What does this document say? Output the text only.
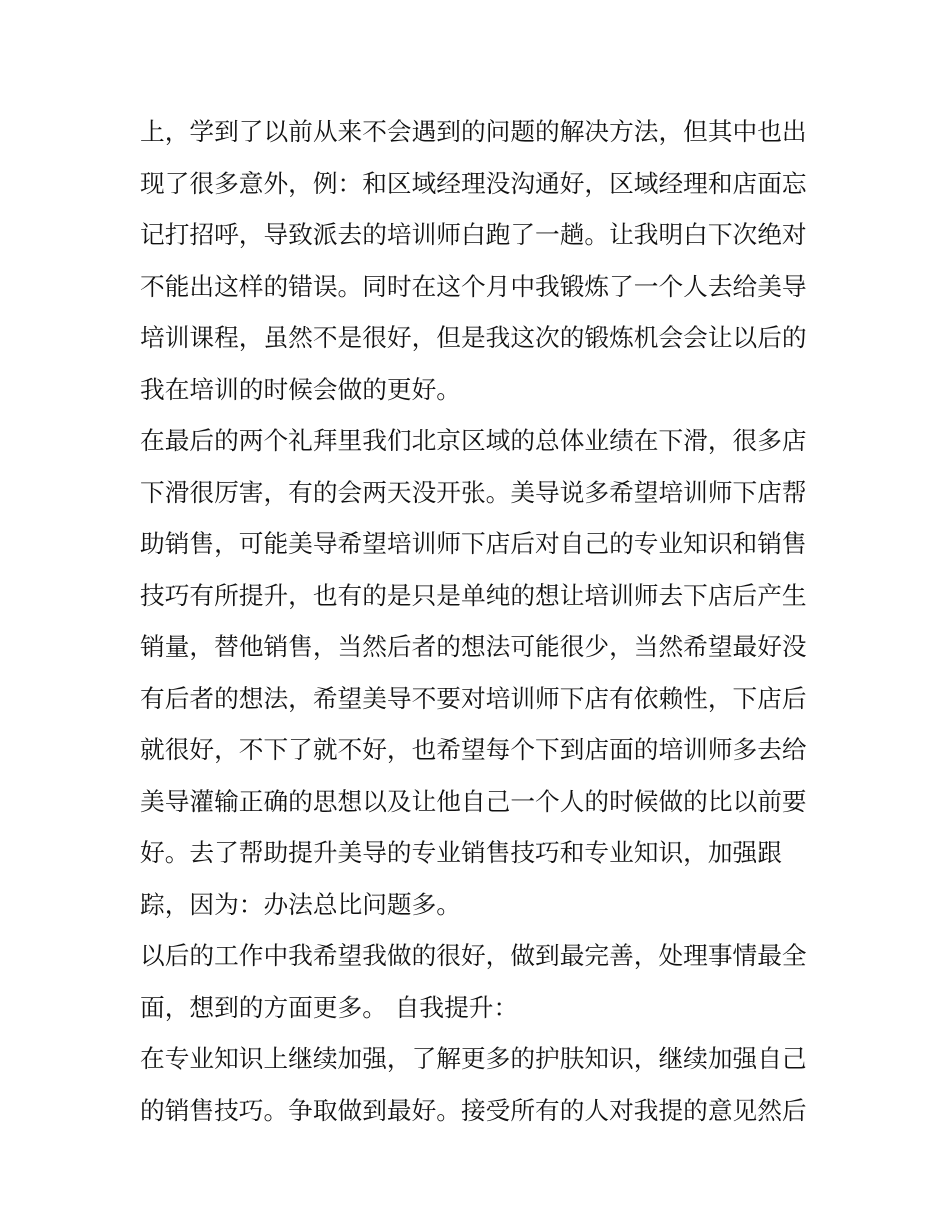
上，学到了以前从来不会遇到的问题的解决方法，但其中也出
现了很多意外，例：和区域经理没沟通好，区域经理和店面忘
记打招呼，导致派去的培训师白跑了一趟。让我明白下次绝对
不能出这样的错误。同时在这个月中我锻炼了一个人去给美导
培训课程，虽然不是很好，但是我这次的锻炼机会会让以后的
我在培训的时候会做的更好。
在最后的两个礼拜里我们北京区域的总体业绩在下滑，很多店
下滑很厉害，有的会两天没开张。美导说多希望培训师下店帮
助销售，可能美导希望培训师下店后对自己的专业知识和销售
技巧有所提升，也有的是只是单纯的想让培训师去下店后产生
销量，替他销售，当然后者的想法可能很少，当然希望最好没
有后者的想法，希望美导不要对培训师下店有依赖性，下店后
就很好，不下了就不好，也希望每个下到店面的培训师多去给
美导灌输正确的思想以及让他自己一个人的时候做的比以前要
好。去了帮助提升美导的专业销售技巧和专业知识，加强跟
踪，因为：办法总比问题多。
以后的工作中我希望我做的很好，做到最完善，处理事情最全
面，想到的方面更多。 自我提升：
在专业知识上继续加强，了解更多的护肤知识，继续加强自己
的销售技巧。争取做到最好。接受所有的人对我提的意见然后
